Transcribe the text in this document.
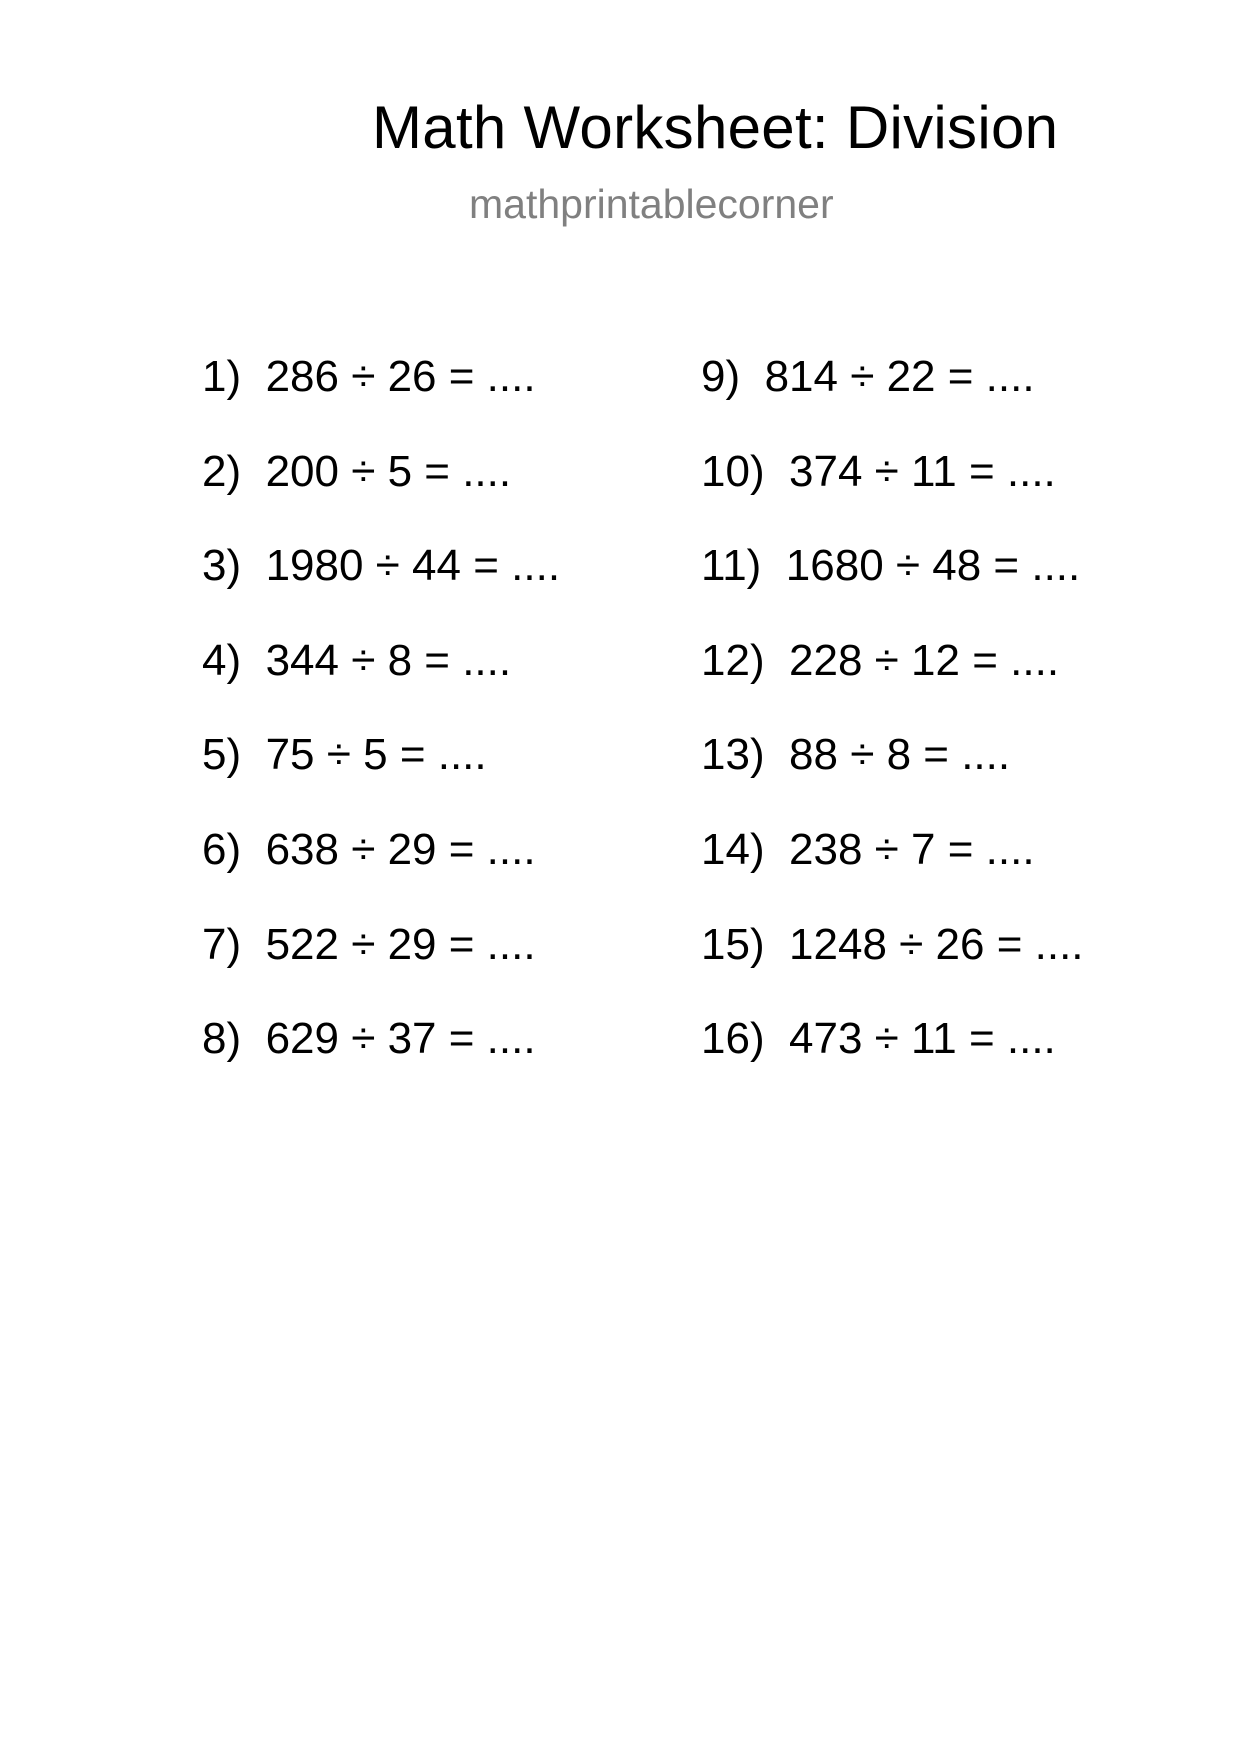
Math Worksheet: Division
mathprintablecorner
1) 286 ÷ 26 = ....
2) 200 ÷ 5 = ....
3) 1980 ÷ 44 = ....
4) 344 ÷ 8 = ....
5) 75 ÷ 5 = ....
6) 638 ÷ 29 = ....
7) 522 ÷ 29 = ....
8) 629 ÷ 37 = ....
9) 814 ÷ 22 = ....
10) 374 ÷ 11 = ....
11) 1680 ÷ 48 = ....
12) 228 ÷ 12 = ....
13) 88 ÷ 8 = ....
14) 238 ÷ 7 = ....
15) 1248 ÷ 26 = ....
16) 473 ÷ 11 = ....
